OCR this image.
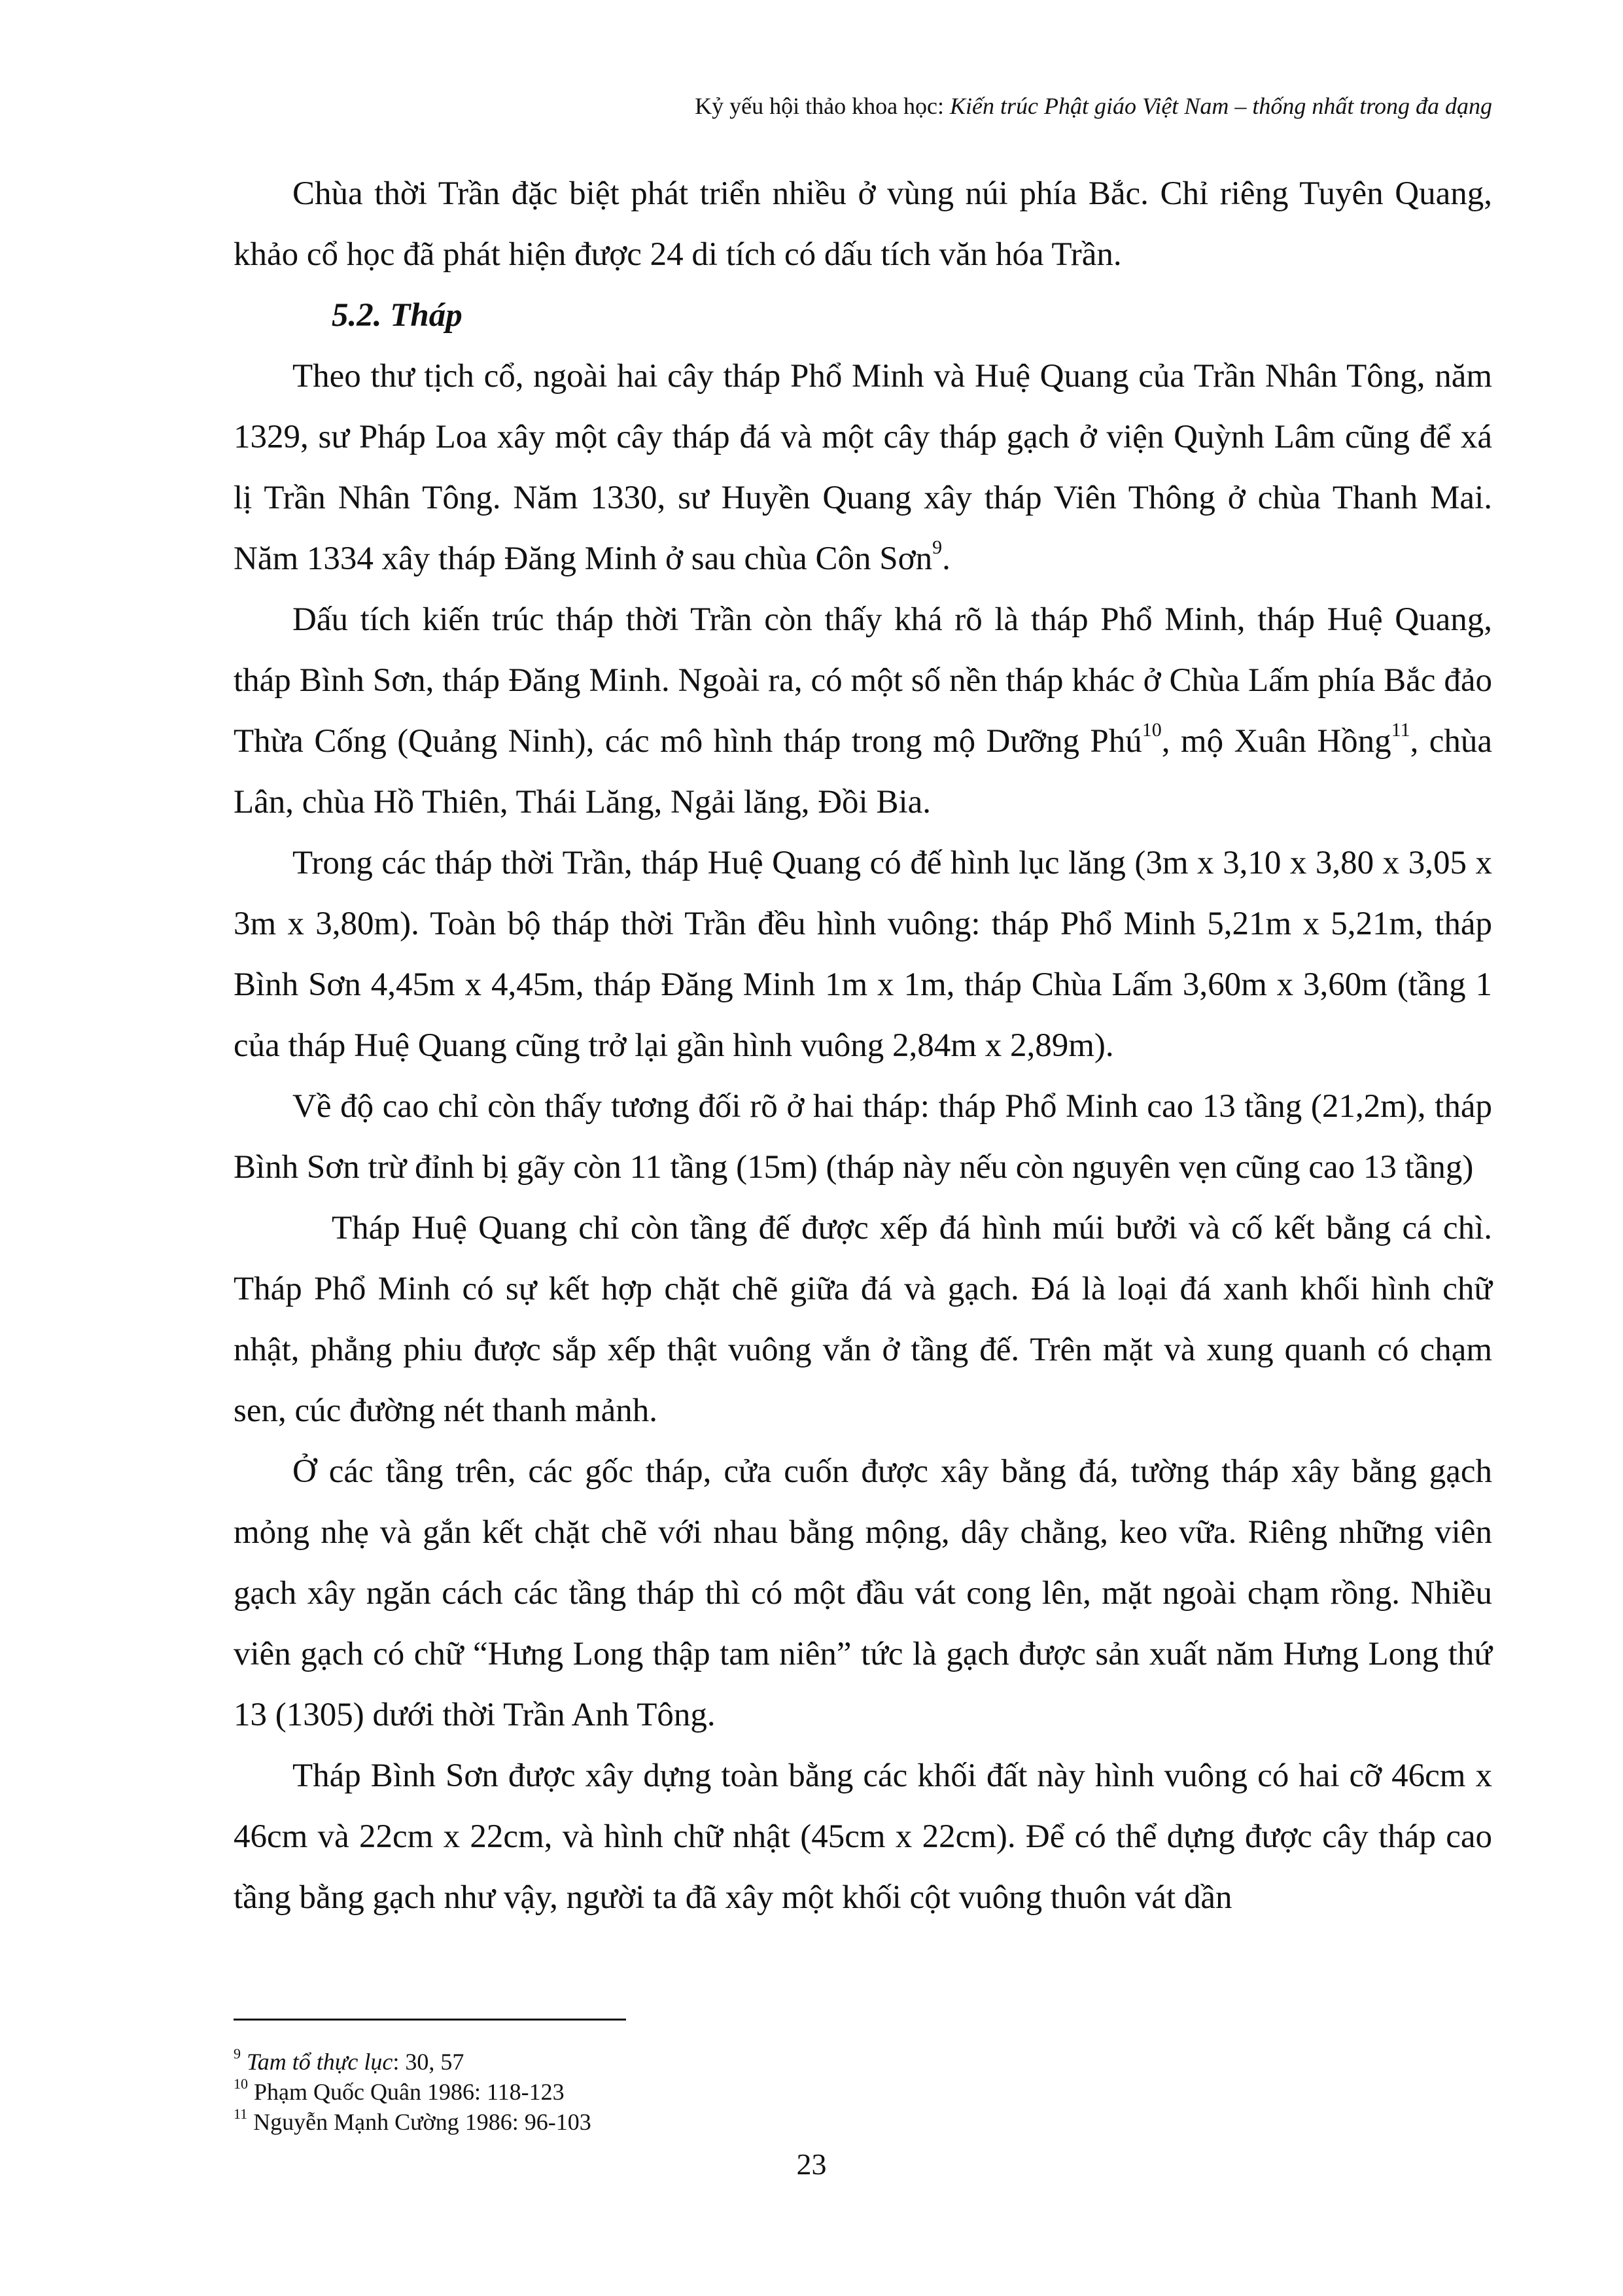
Kỷ yếu hội thảo khoa học: Kiến trúc Phật giáo Việt Nam – thống nhất trong đa dạng

Chùa thời Trần đặc biệt phát triển nhiều ở vùng núi phía Bắc. Chỉ riêng Tuyên Quang, khảo cổ học đã phát hiện được 24 di tích có dấu tích văn hóa Trần.

5.2. Tháp

Theo thư tịch cổ, ngoài hai cây tháp Phổ Minh và Huệ Quang của Trần Nhân Tông, năm 1329, sư Pháp Loa xây một cây tháp đá và một cây tháp gạch ở viện Quỳnh Lâm cũng để xá lị Trần Nhân Tông. Năm 1330, sư Huyền Quang xây tháp Viên Thông ở chùa Thanh Mai. Năm 1334 xây tháp Đăng Minh ở sau chùa Côn Sơn$^9$.

Dấu tích kiến trúc tháp thời Trần còn thấy khá rõ là tháp Phổ Minh, tháp Huệ Quang, tháp Bình Sơn, tháp Đăng Minh. Ngoài ra, có một số nền tháp khác ở Chùa Lấm phía Bắc đảo Thừa Cống (Quảng Ninh), các mô hình tháp trong mộ Dưỡng Phú$^{10}$, mộ Xuân Hồng$^{11}$, chùa Lân, chùa Hồ Thiên, Thái Lăng, Ngải lăng, Đồi Bia.

Trong các tháp thời Trần, tháp Huệ Quang có đế hình lục lăng (3m x 3,10 x 3,80 x 3,05 x 3m x 3,80m). Toàn bộ tháp thời Trần đều hình vuông: tháp Phổ Minh 5,21m x 5,21m, tháp Bình Sơn 4,45m x 4,45m, tháp Đăng Minh 1m x 1m, tháp Chùa Lấm 3,60m x 3,60m (tầng 1 của tháp Huệ Quang cũng trở lại gần hình vuông 2,84m x 2,89m).

Về độ cao chỉ còn thấy tương đối rõ ở hai tháp: tháp Phổ Minh cao 13 tầng (21,2m), tháp Bình Sơn trừ đỉnh bị gãy còn 11 tầng (15m) (tháp này nếu còn nguyên vẹn cũng cao 13 tầng)

Tháp Huệ Quang chỉ còn tầng đế được xếp đá hình múi bưởi và cố kết bằng cá chì. Tháp Phổ Minh có sự kết hợp chặt chẽ giữa đá và gạch. Đá là loại đá xanh khối hình chữ nhật, phẳng phiu được sắp xếp thật vuông vắn ở tầng đế. Trên mặt và xung quanh có chạm sen, cúc đường nét thanh mảnh.

Ở các tầng trên, các gốc tháp, cửa cuốn được xây bằng đá, tường tháp xây bằng gạch mỏng nhẹ và gắn kết chặt chẽ với nhau bằng mộng, dây chằng, keo vữa. Riêng những viên gạch xây ngăn cách các tầng tháp thì có một đầu vát cong lên, mặt ngoài chạm rồng. Nhiều viên gạch có chữ “Hưng Long thập tam niên” tức là gạch được sản xuất năm Hưng Long thứ 13 (1305) dưới thời Trần Anh Tông.

Tháp Bình Sơn được xây dựng toàn bằng các khối đất này hình vuông có hai cỡ 46cm x 46cm và 22cm x 22cm, và hình chữ nhật (45cm x 22cm). Để có thể dựng được cây tháp cao tầng bằng gạch như vậy, người ta đã xây một khối cột vuông thuôn vát dần

$^9$ Tam tổ thực lục: 30, 57

$^{10}$ Phạm Quốc Quân 1986: 118-123

$^{11}$ Nguyễn Mạnh Cường 1986: 96-103

23
